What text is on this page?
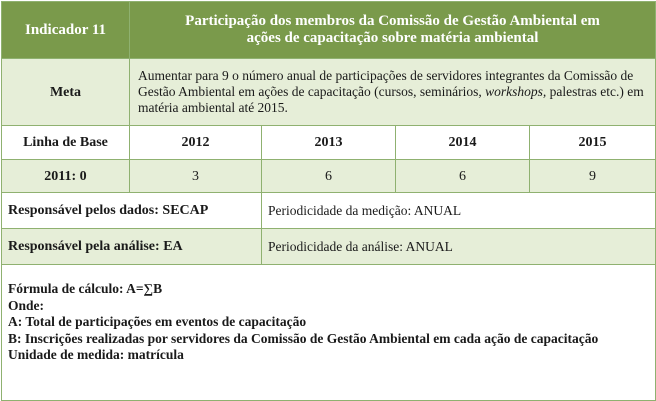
Indicador 11	Participação dos membros da Comissão de Gestão Ambiental em
ações de capacitação sobre matéria ambiental			

Meta	Aumentar para 9 o número anual de participações de servidores integrantes da Comissão de Gestão Ambiental em ações de capacitação (cursos, seminários, workshops, palestras etc.) em matéria ambiental até 2015.			
Linha de Base	2012	2013	2014	2015
2011: 0	3	6	6	9
Responsável pelos dados: SECAP		Periodicidade da medição: ANUAL		
Responsável pela análise: EA		Periodicidade da análise: ANUAL		

Fórmula de cálculo: A=∑B
Onde:
A: Total de participações em eventos de capacitação
B: Inscrições realizadas por servidores da Comissão de Gestão Ambiental em cada ação de capacitação
Unidade de medida: matrícula				
